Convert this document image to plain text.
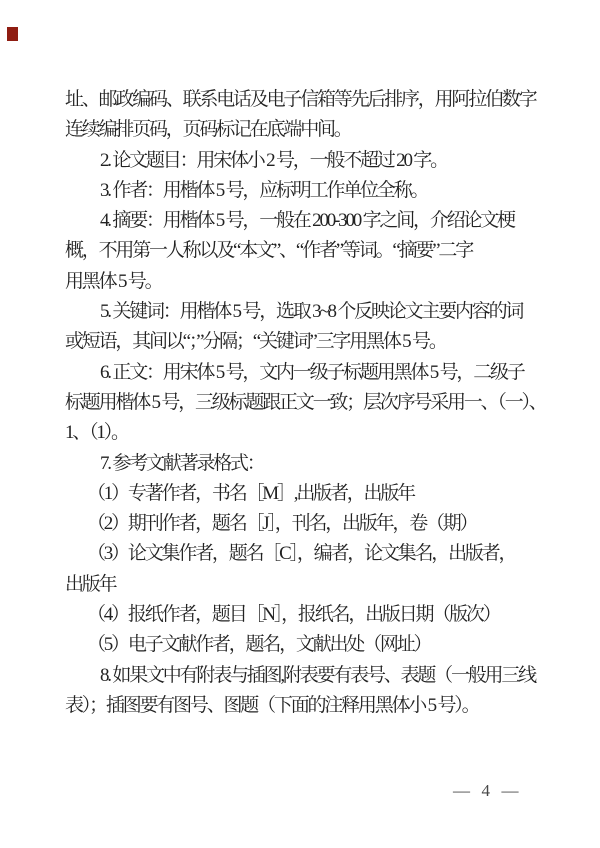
址、邮政编码、联系电话及电子信箱等先后排序，用阿拉伯数字
连续编排页码，页码标记在底端中间。
2. 论文题目：用宋体小 2 号，一般不超过 20 字。
3. 作者：用楷体 5 号，应标明工作单位全称。
4. 摘要：用楷体 5 号，一般在 200-300 字之间，介绍论文梗
概，不用第一人称以及“本文”、“作者”等词。“摘要”二字
用黑体 5 号。
5. 关键词：用楷体 5 号，选取 3~8 个反映论文主要内容的词
或短语，其间以“；”分隔；“关键词”三字用黑体 5 号。
6. 正文：用宋体 5 号，文内一级子标题用黑体 5 号，二级子
标题用楷体 5 号，三级标题跟正文一致；层次序号采用一、（一）、
1、（1）。
7. 参考文献著录格式：
（1）专著作者，书名［M］,出版者，出版年
（2）期刊作者，题名［J］，刊名，出版年，卷（期）
（3）论文集作者，题名［C］，编者，论文集名，出版者，
出版年
（4）报纸作者，题目［N］，报纸名，出版日期（版次）
（5）电子文献作者，题名，文献出处（网址）
8. 如果文中有附表与插图,附表要有表号、表题（一般用三线
表）；插图要有图号、图题（下面的注释用黑体小 5 号）。
—  4  —
